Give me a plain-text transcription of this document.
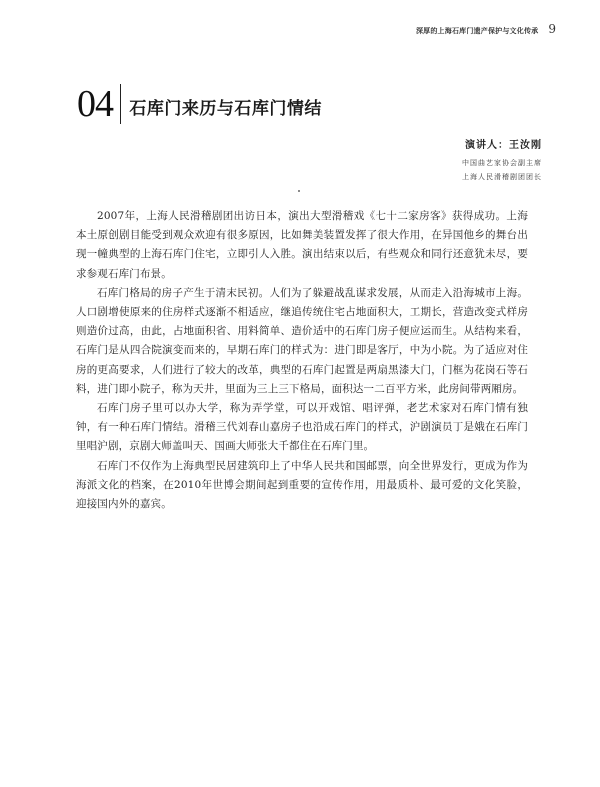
深厚的上海石库门遗产保护与文化传承 9
04 石库门来历与石库门情结
演讲人：王汝刚
中国曲艺家协会副主席
上海人民滑稽剧团团长

2007年，上海人民滑稽剧团出访日本，演出大型滑稽戏《七十二家房客》获得成功。上海本土原创剧目能受到观众欢迎有很多原因，比如舞美装置发挥了很大作用，在异国他乡的舞台出现一幢典型的上海石库门住宅，立即引人入胜。演出结束以后，有些观众和同行还意犹未尽，要求参观石库门布景。

石库门格局的房子产生于清末民初。人们为了躲避战乱谋求发展，从而走入沿海城市上海。人口剧增使原来的住房样式逐渐不相适应，继追传统住宅占地面积大，工期长，营造改变式样房则造价过高，由此，占地面积省、用料简单、造价适中的石库门房子便应运而生。从结构来看，石库门是从四合院演变而来的，早期石库门的样式为：进门即是客厅，中为小院。为了适应对住房的更高要求，人们进行了较大的改革，典型的石库门起置是两扇黑漆大门，门框为花岗石等石料，进门即小院子，称为天井，里面为三上三下格局，面积达一二百平方米，此房间带两厢房。

石库门房子里可以办大学，称为弄学堂，可以开戏馆、唱评弹，老艺术家对石库门情有独钟，有一种石库门情结。滑稽三代刘春山嘉房子也沿成石库门的样式，沪剧演员丁是娥在石库门里唱沪剧，京剧大师盖叫天、国画大师张大千都住在石库门里。

石库门不仅作为上海典型民居建筑印上了中华人民共和国邮票，向全世界发行，更成为作为海派文化的档案，在2010年世博会期间起到重要的宣传作用，用最质朴、最可爱的文化笑脸，迎接国内外的嘉宾。
